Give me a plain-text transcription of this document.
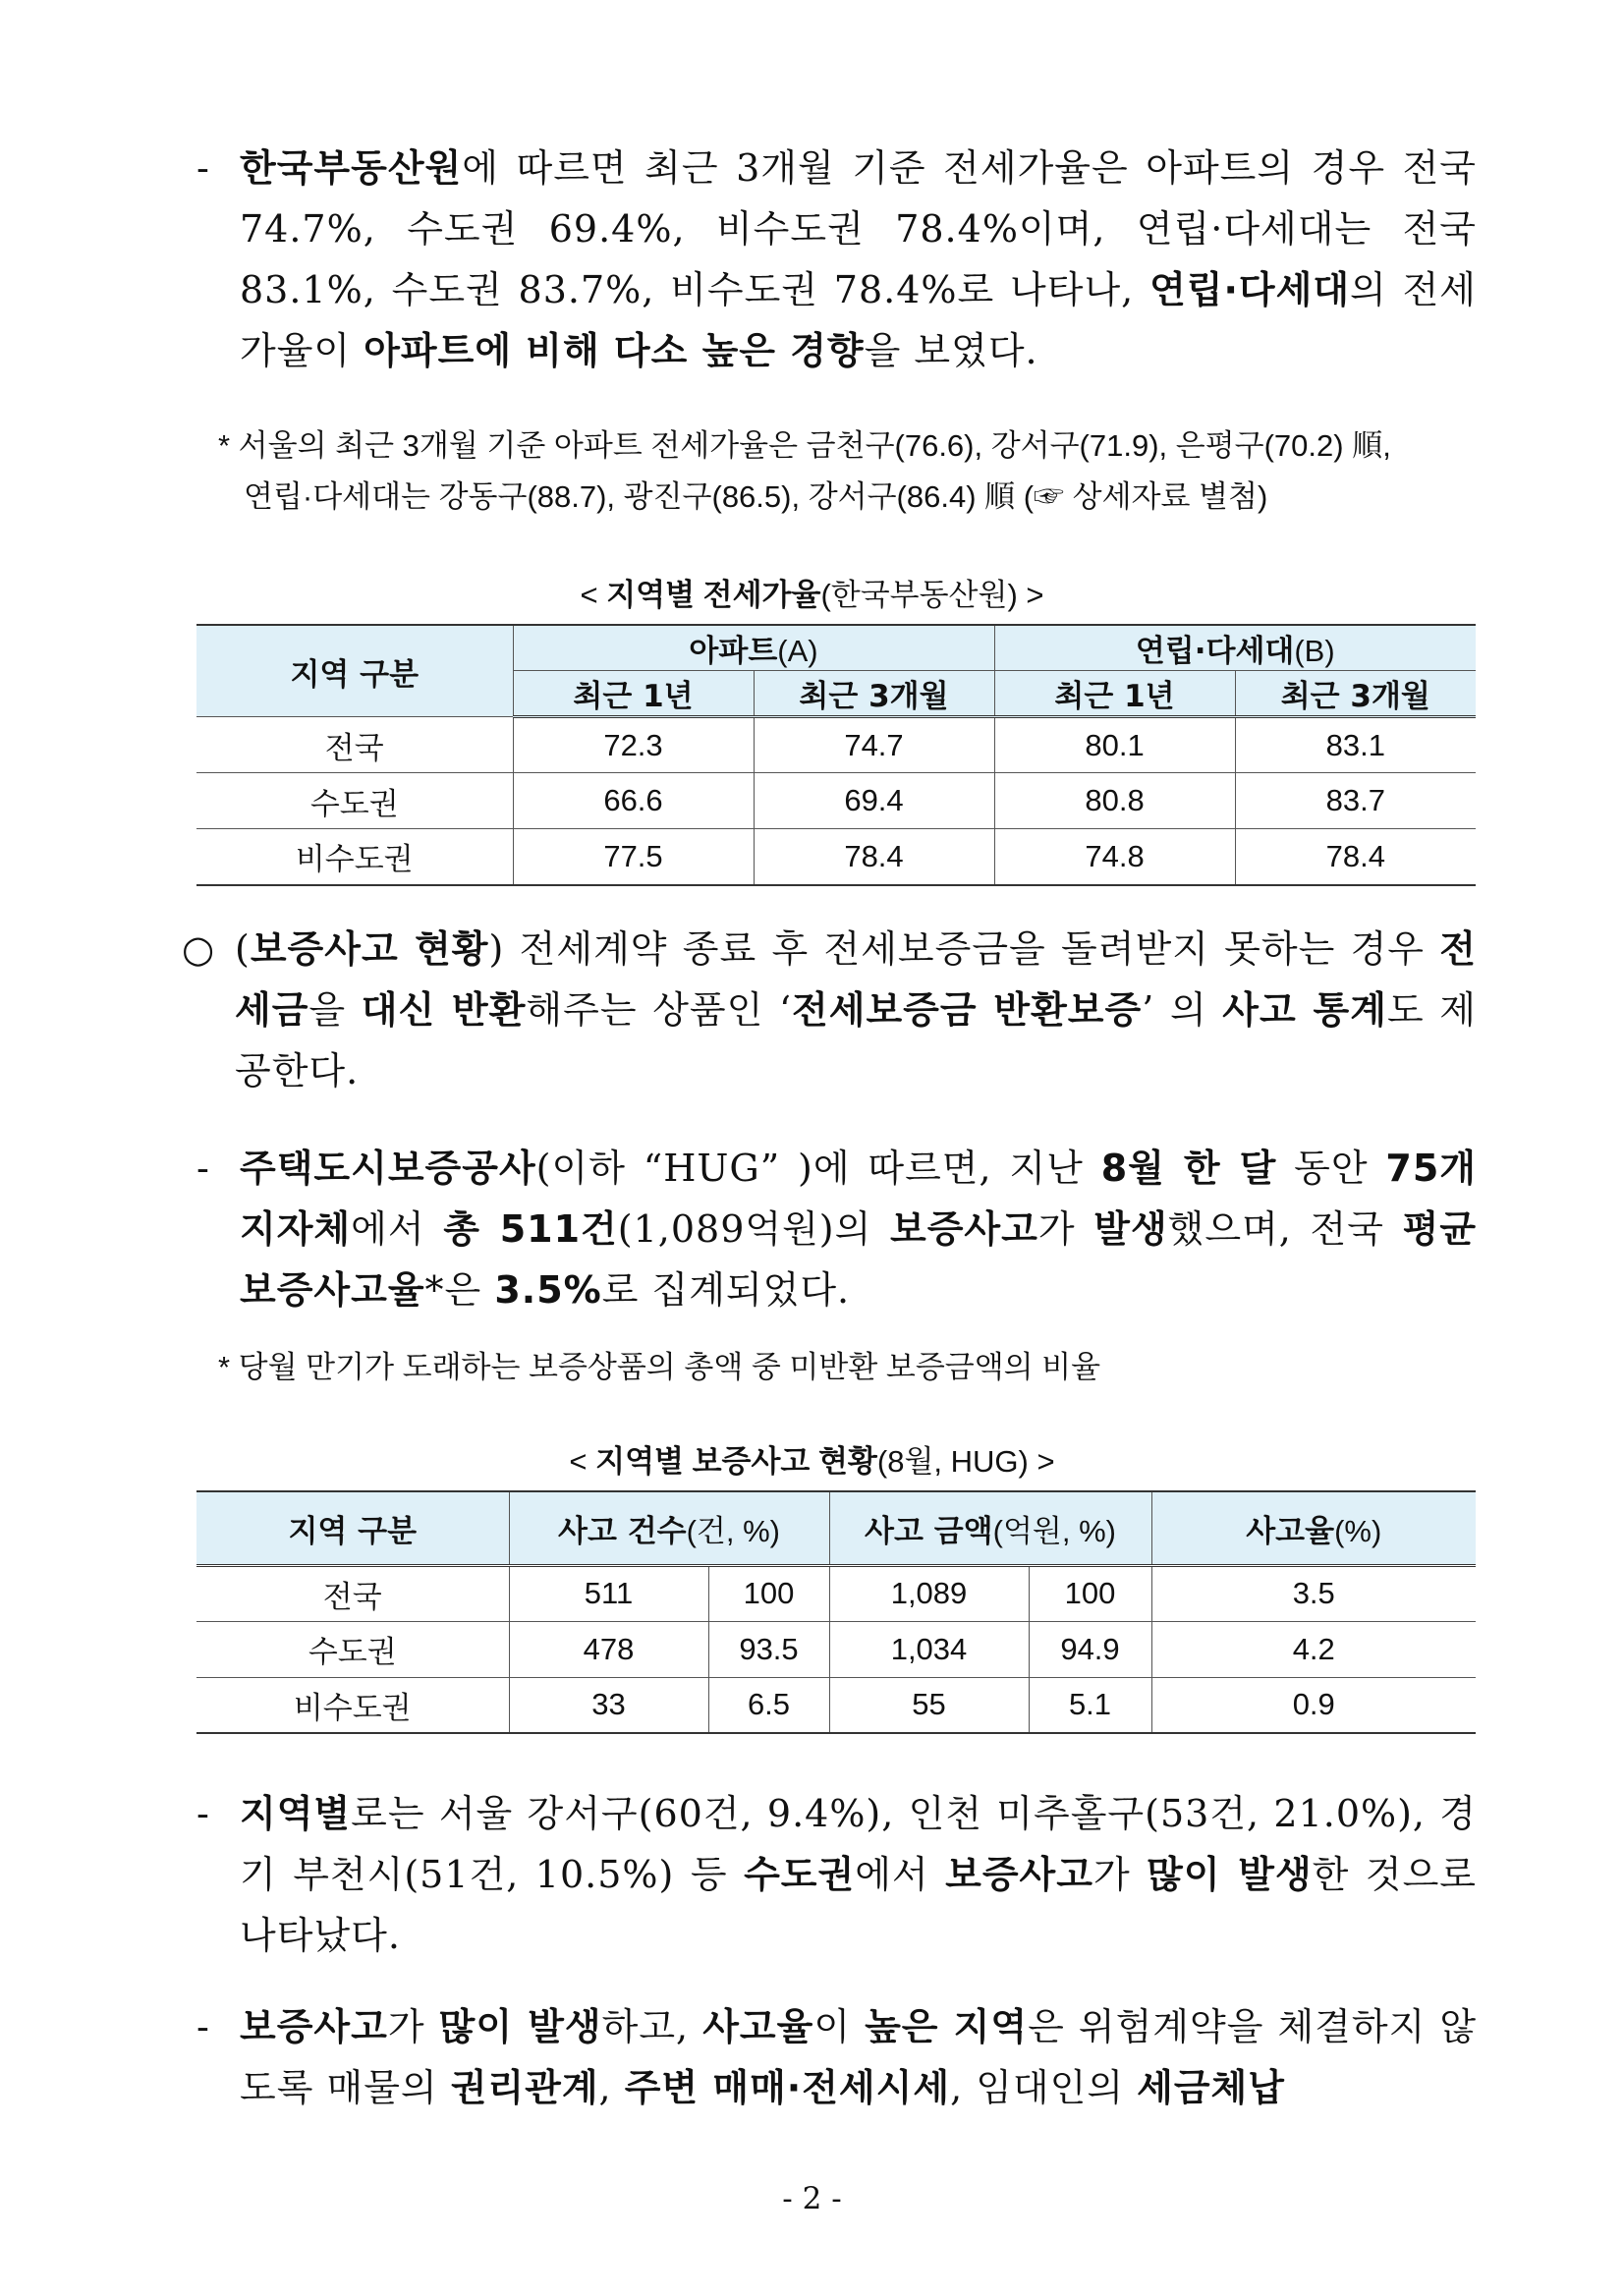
- 한국부동산원에 따르면 최근 3개월 기준 전세가율은 아파트의 경우 전국 74.7%, 수도권 69.4%, 비수도권 78.4%이며, 연립·다세대는 전국 83.1%, 수도권 83.7%, 비수도권 78.4%로 나타나, 연립·다세대의 전세가율이 아파트에 비해 다소 높은 경향을 보였다.
* 서울의 최근 3개월 기준 아파트 전세가율은 금천구(76.6), 강서구(71.9), 은평구(70.2) 順,
연립·다세대는 강동구(88.7), 광진구(86.5), 강서구(86.4) 順 (☞ 상세자료 별첨)
< 지역별 전세가율(한국부동산원) >
지역 구분	아파트(A)		연립·다세대(B)	
	최근 1년	최근 3개월	최근 1년	최근 3개월
전국	72.3	74.7	80.1	83.1
수도권	66.6	69.4	80.8	83.7
비수도권	77.5	78.4	74.8	78.4
○ (보증사고 현황) 전세계약 종료 후 전세보증금을 돌려받지 못하는 경우 전세금을 대신 반환해주는 상품인 ‘전세보증금 반환보증’ 의 사고 통계도 제공한다.
- 주택도시보증공사(이하 “HUG” )에 따르면, 지난 8월 한 달 동안 75개 지자체에서 총 511건(1,089억원)의 보증사고가 발생했으며, 전국 평균 보증사고율*은 3.5%로 집계되었다.
* 당월 만기가 도래하는 보증상품의 총액 중 미반환 보증금액의 비율
< 지역별 보증사고 현황(8월, HUG) >
지역 구분	사고 건수(건, %)		사고 금액(억원, %)		사고율(%)
전국	511	100	1,089	100	3.5
수도권	478	93.5	1,034	94.9	4.2
비수도권	33	6.5	55	5.1	0.9
- 지역별로는 서울 강서구(60건, 9.4%), 인천 미추홀구(53건, 21.0%), 경기 부천시(51건, 10.5%) 등 수도권에서 보증사고가 많이 발생한 것으로 나타났다.
- 보증사고가 많이 발생하고, 사고율이 높은 지역은 위험계약을 체결하지 않도록 매물의 권리관계, 주변 매매·전세시세, 임대인의 세금체납
- 2 -
